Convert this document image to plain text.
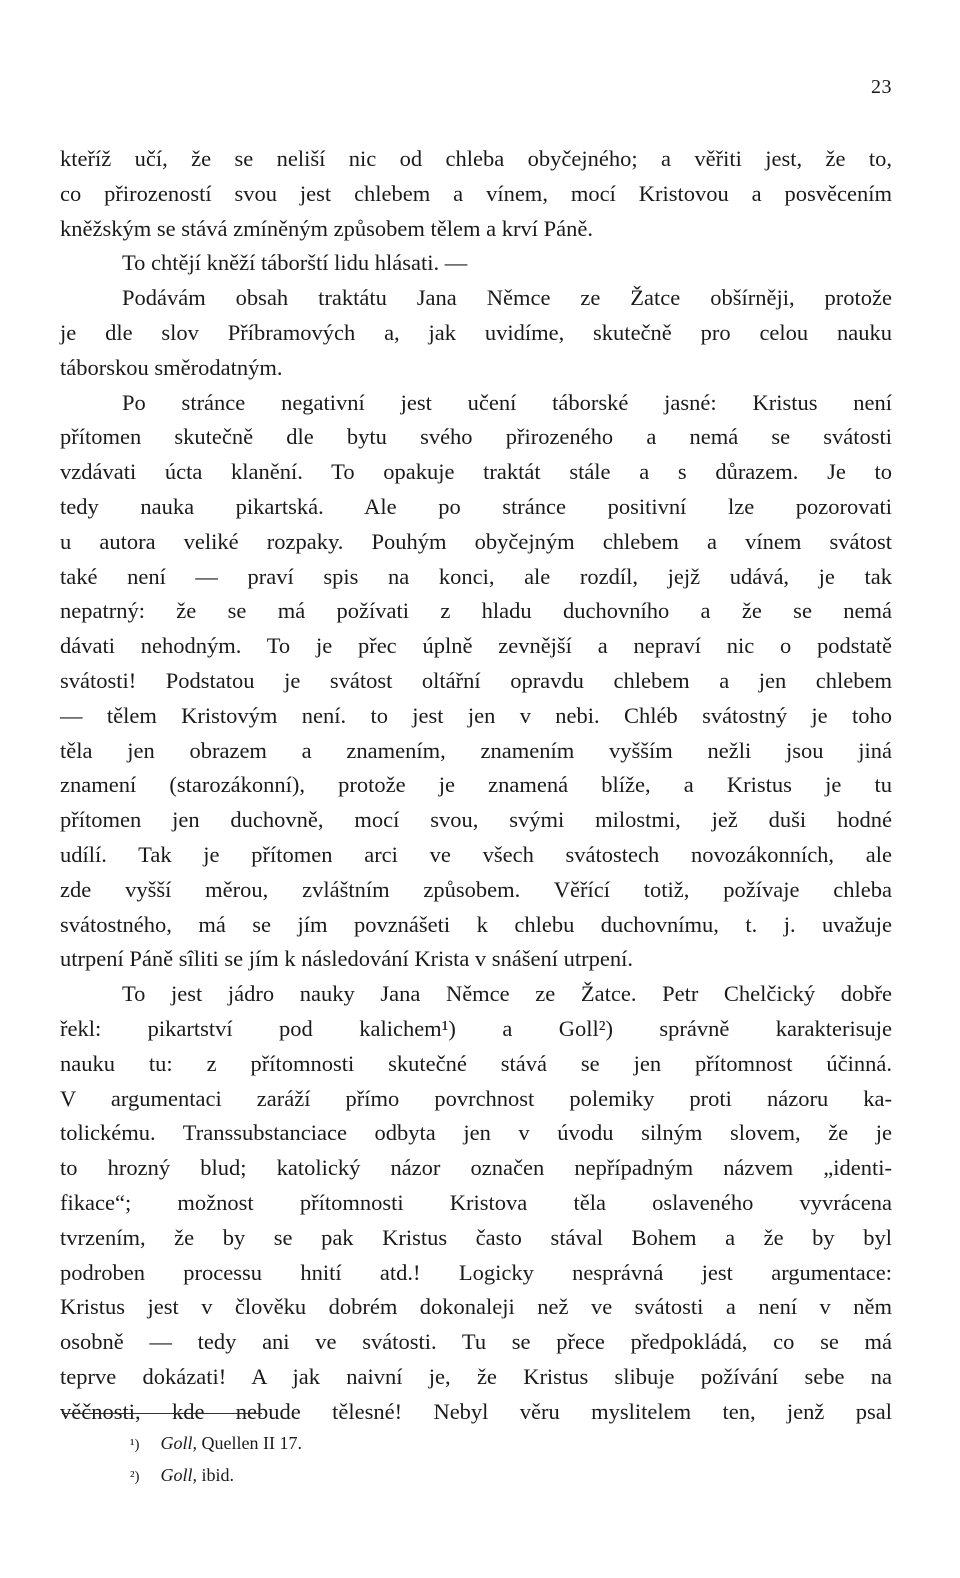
23
kteříž učí, že se neliší nic od chleba obyčejného; a věřiti jest, že to,
co přirozeností svou jest chlebem a vínem, mocí Kristovou a posvěcením
kněžským se stává zmíněným způsobem tělem a krví Páně.
To chtějí kněží táborští lidu hlásati. —
Podávám obsah traktátu Jana Němce ze Žatce obšírněji, protože
je dle slov Příbramových a, jak uvidíme, skutečně pro celou nauku
táborskou směrodatným.
Po stránce negativní jest učení táborské jasné: Kristus není
přítomen skutečně dle bytu svého přirozeného a nemá se svátosti
vzdávati úcta klanění. To opakuje traktát stále a s důrazem. Je to
tedy nauka pikartská. Ale po stránce positivní lze pozorovati
u autora veliké rozpaky. Pouhým obyčejným chlebem a vínem svátost
také není — praví spis na konci, ale rozdíl, jejž udává, je tak
nepatrný: že se má požívati z hladu duchovního a že se nemá
dávati nehodným. To je přec úplně zevnější a nepraví nic o podstatě
svátosti! Podstatou je svátost oltářní opravdu chlebem a jen chlebem
— tělem Kristovým není. to jest jen v nebi. Chléb svátostný je toho
těla jen obrazem a znamením, znamením vyšším nežli jsou jiná
znamení (starozákonní), protože je znamená blíže, a Kristus je tu
přítomen jen duchovně, mocí svou, svými milostmi, jež duši hodné
udílí. Tak je přítomen arci ve všech svátostech novozákonních, ale
zde vyšší měrou, zvláštním způsobem. Věřící totiž, požívaje chleba
svátostného, má se jím povznášeti k chlebu duchovnímu, t. j. uvažuje
utrpení Páně sîliti se jím k následování Krista v snášení utrpení.
To jest jádro nauky Jana Němce ze Žatce. Petr Chelčický dobře
řekl: pikartství pod kalichem¹) a Goll²) správně karakterisuje
nauku tu: z přítomnosti skutečné stává se jen přítomnost účinná.
V argumentaci zaráží přímo povrchnost polemiky proti názoru ka-
tolickému. Transsubstanciace odbyta jen v úvodu silným slovem, že je
to hrozný blud; katolický názor označen nepřípadným názvem „identi-
fikace“; možnost přítomnosti Kristova těla oslaveného vyvrácena
tvrzením, že by se pak Kristus často stával Bohem a že by byl
podroben processu hnití atd.! Logicky nesprávná jest argumentace:
Kristus jest v člověku dobrém dokonaleji než ve svátosti a není v něm
osobně — tedy ani ve svátosti. Tu se přece předpokládá, co se má
teprve dokázati! A jak naivní je, že Kristus slibuje požívání sebe na
věčnosti, kde nebude tělesné! Nebyl věru myslitelem ten, jenž psal
¹) Goll, Quellen II 17.
²) Goll, ibid.
